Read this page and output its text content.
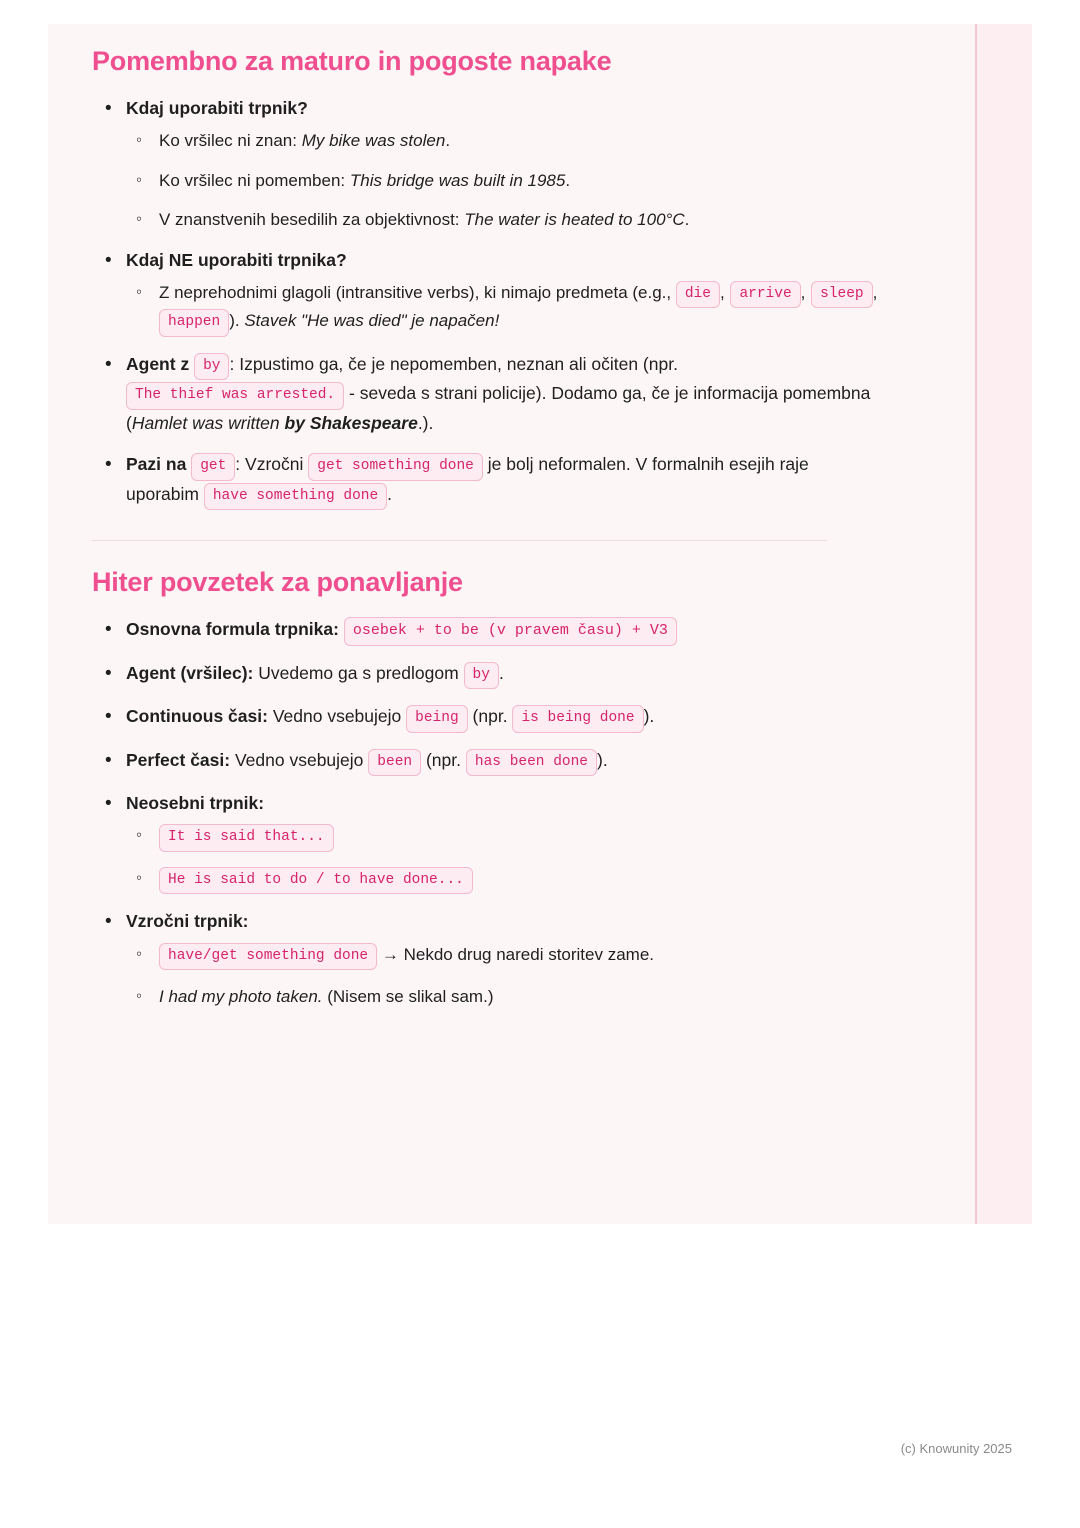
Pomembno za maturo in pogoste napake
• Kdaj uporabiti trpnik?
◦ Ko vršilec ni znan: My bike was stolen.
◦ Ko vršilec ni pomemben: This bridge was built in 1985.
◦ V znanstvenih besedilih za objektivnost: The water is heated to 100°C.
• Kdaj NE uporabiti trpnika?
◦ Z neprehodnimi glagoli (intransitive verbs), ki nimajo predmeta (e.g., die , arrive , sleep , happen ). Stavek "He was died" je napačen!
• Agent z by : Izpustimo ga, če je nepomemben, neznan ali očiten (npr. The thief was arrested. - seveda s strani policije). Dodamo ga, če je informacija pomembna (Hamlet was written by Shakespeare.).
• Pazi na get : Vzročni get something done je bolj neformalen. V formalnih esejih raje uporabim have something done .
Hiter povzetek za ponavljanje
• Osnovna formula trpnika: osebek + to be (v pravem času) + V3
• Agent (vršilec): Uvedemo ga s predlogom by .
• Continuous časi: Vedno vsebujejo being (npr. is being done ).
• Perfect časi: Vedno vsebujejo been (npr. has been done ).
• Neosebni trpnik:
◦ It is said that...
◦ He is said to do / to have done...
• Vzročni trpnik:
◦ have/get something done → Nekdo drug naredi storitev zame.
◦ I had my photo taken. (Nisem se slikal sam.)
(c) Knowunity 2025
